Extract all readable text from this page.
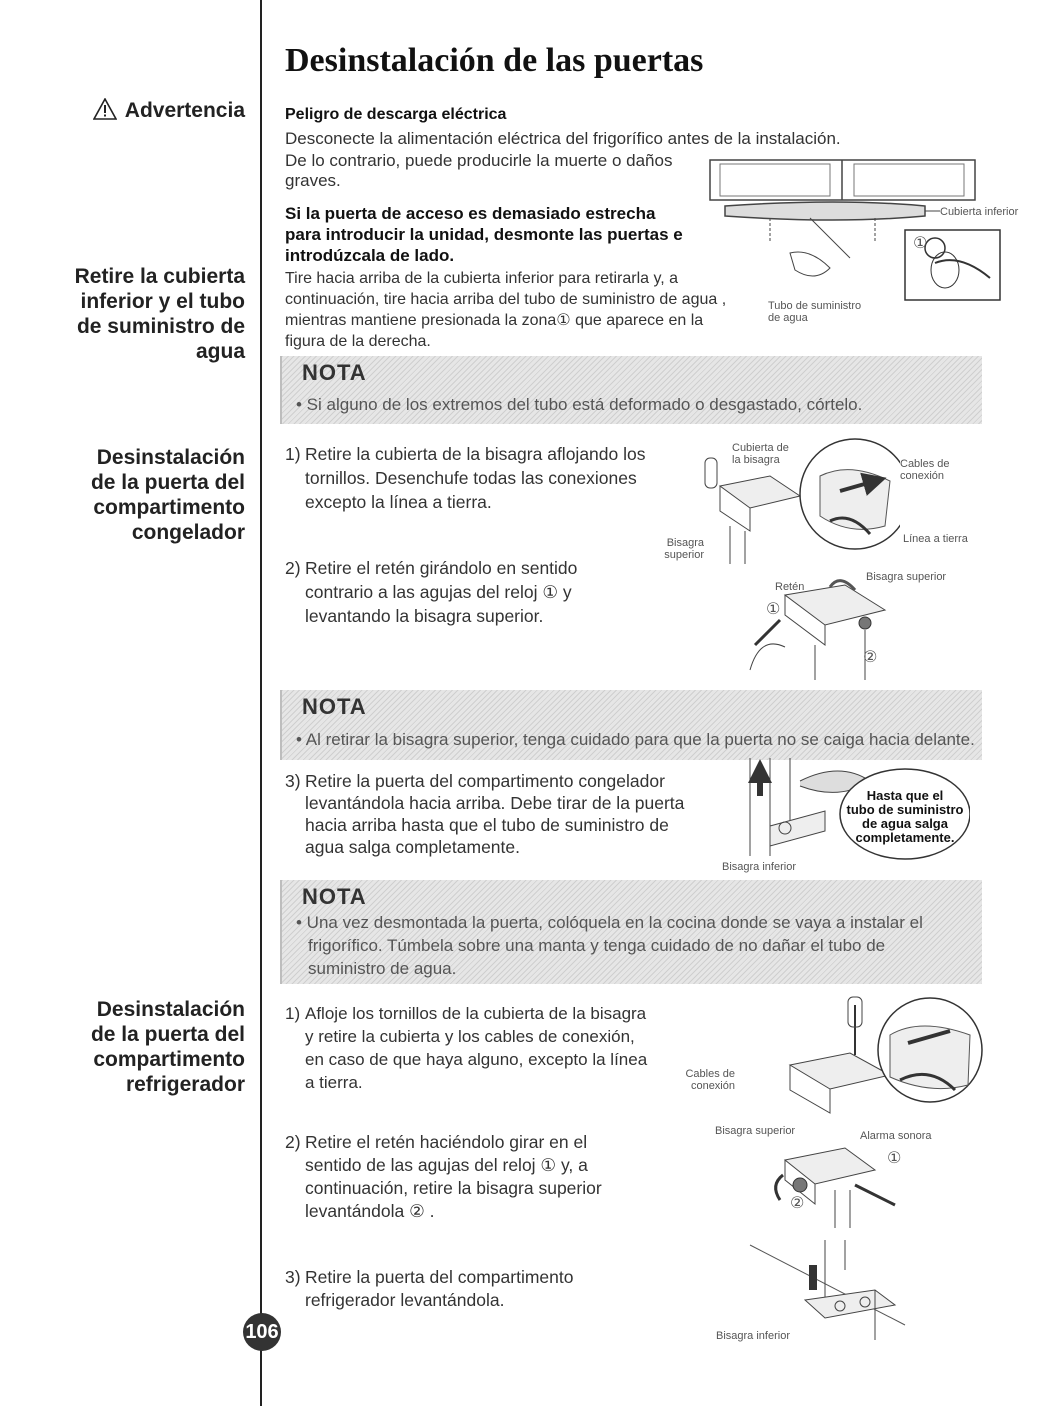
Desinstalación de las puertas
Advertencia	Peligro de descarga eléctrica
Desconecte la alimentación eléctrica del frigorífico antes de la instalación.
De lo contrario, puede producirle la muerte o daños
graves.
Retire la cubierta
inferior y el tubo
de suministro de
agua
Si la puerta de acceso es demasiado estrecha
para introducir la unidad, desmonte las puertas e
introdúzcala de lado.
Tire hacia arriba de la cubierta inferior para retirarla y, a
continuación, tire hacia arriba del tubo de suministro de agua ,
mientras mantiene presionada la zona① que aparece en la
figura de la derecha.
Cubierta inferior
①
Tubo de suministro
de agua
NOTA
• Si alguno de los extremos del tubo está deformado o desgastado, córtelo.
Desinstalación
de la puerta del
compartimento
congelador
1) Retire la cubierta de la bisagra aflojando los
tornillos. Desenchufe todas las conexiones
excepto la línea a tierra.
2) Retire el retén girándolo en sentido
contrario a las agujas del reloj ① y
levantando la bisagra superior.
Cubierta de
la bisagra	Cables de
conexión
Línea a tierra
Bisagra
superior
Retén
Bisagra superior
①
②
NOTA
• Al retirar la bisagra superior, tenga cuidado para que la puerta no se caiga hacia delante.
3) Retire la puerta del compartimento congelador
levantándola hacia arriba. Debe tirar de la puerta
hacia arriba hasta que el tubo de suministro de
agua salga completamente.
Hasta que el
tubo de suministro
de agua salga
completamente.
Bisagra inferior
NOTA
• Una vez desmontada la puerta, colóquela en la cocina donde se vaya a instalar el
frigorífico. Túmbela sobre una manta y tenga cuidado de no dañar el tubo de
suministro de agua.
Desinstalación
de la puerta del
compartimento
refrigerador
1) Afloje los tornillos de la cubierta de la bisagra
y retire la cubierta y los cables de conexión,
en caso de que haya alguno, excepto la línea
a tierra.
2) Retire el retén haciéndolo girar en el
sentido de las agujas del reloj ① y, a
continuación, retire la bisagra superior
levantándola ② .
3) Retire la puerta del compartimento
refrigerador levantándola.
Cables de
conexión
Bisagra superior	Alarma sonora
①
②
Bisagra inferior
106
